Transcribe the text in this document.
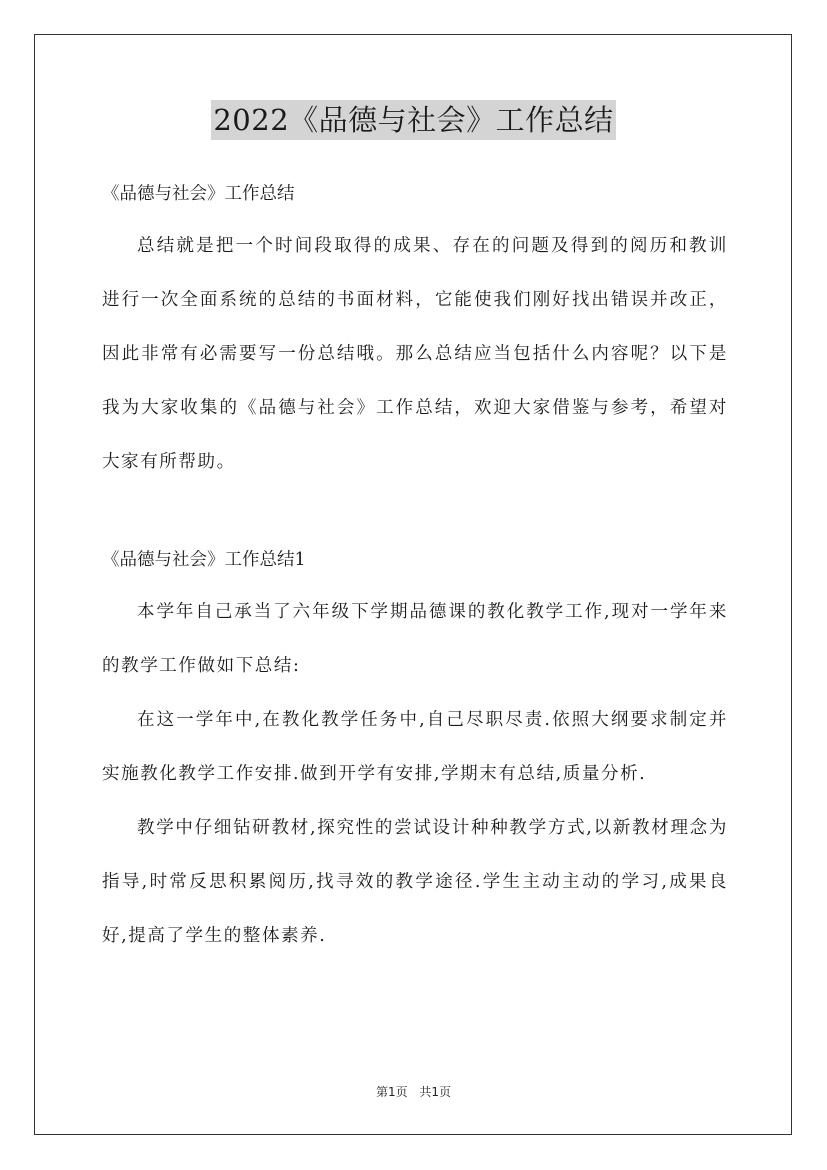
2022《品德与社会》工作总结

《品德与社会》工作总结

总结就是把一个时间段取得的成果、存在的问题及得到的阅历和教训进行一次全面系统的总结的书面材料，它能使我们刚好找出错误并改正，因此非常有必需要写一份总结哦。那么总结应当包括什么内容呢？以下是我为大家收集的《品德与社会》工作总结，欢迎大家借鉴与参考，希望对大家有所帮助。

《品德与社会》工作总结1

本学年自己承当了六年级下学期品德课的教化教学工作,现对一学年来的教学工作做如下总结:

在这一学年中,在教化教学任务中,自己尽职尽责.依照大纲要求制定并实施教化教学工作安排.做到开学有安排,学期末有总结,质量分析.

教学中仔细钻研教材,探究性的尝试设计种种教学方式,以新教材理念为指导,时常反思积累阅历,找寻效的教学途径.学生主动主动的学习,成果良好,提高了学生的整体素养.

第1页 共1页
